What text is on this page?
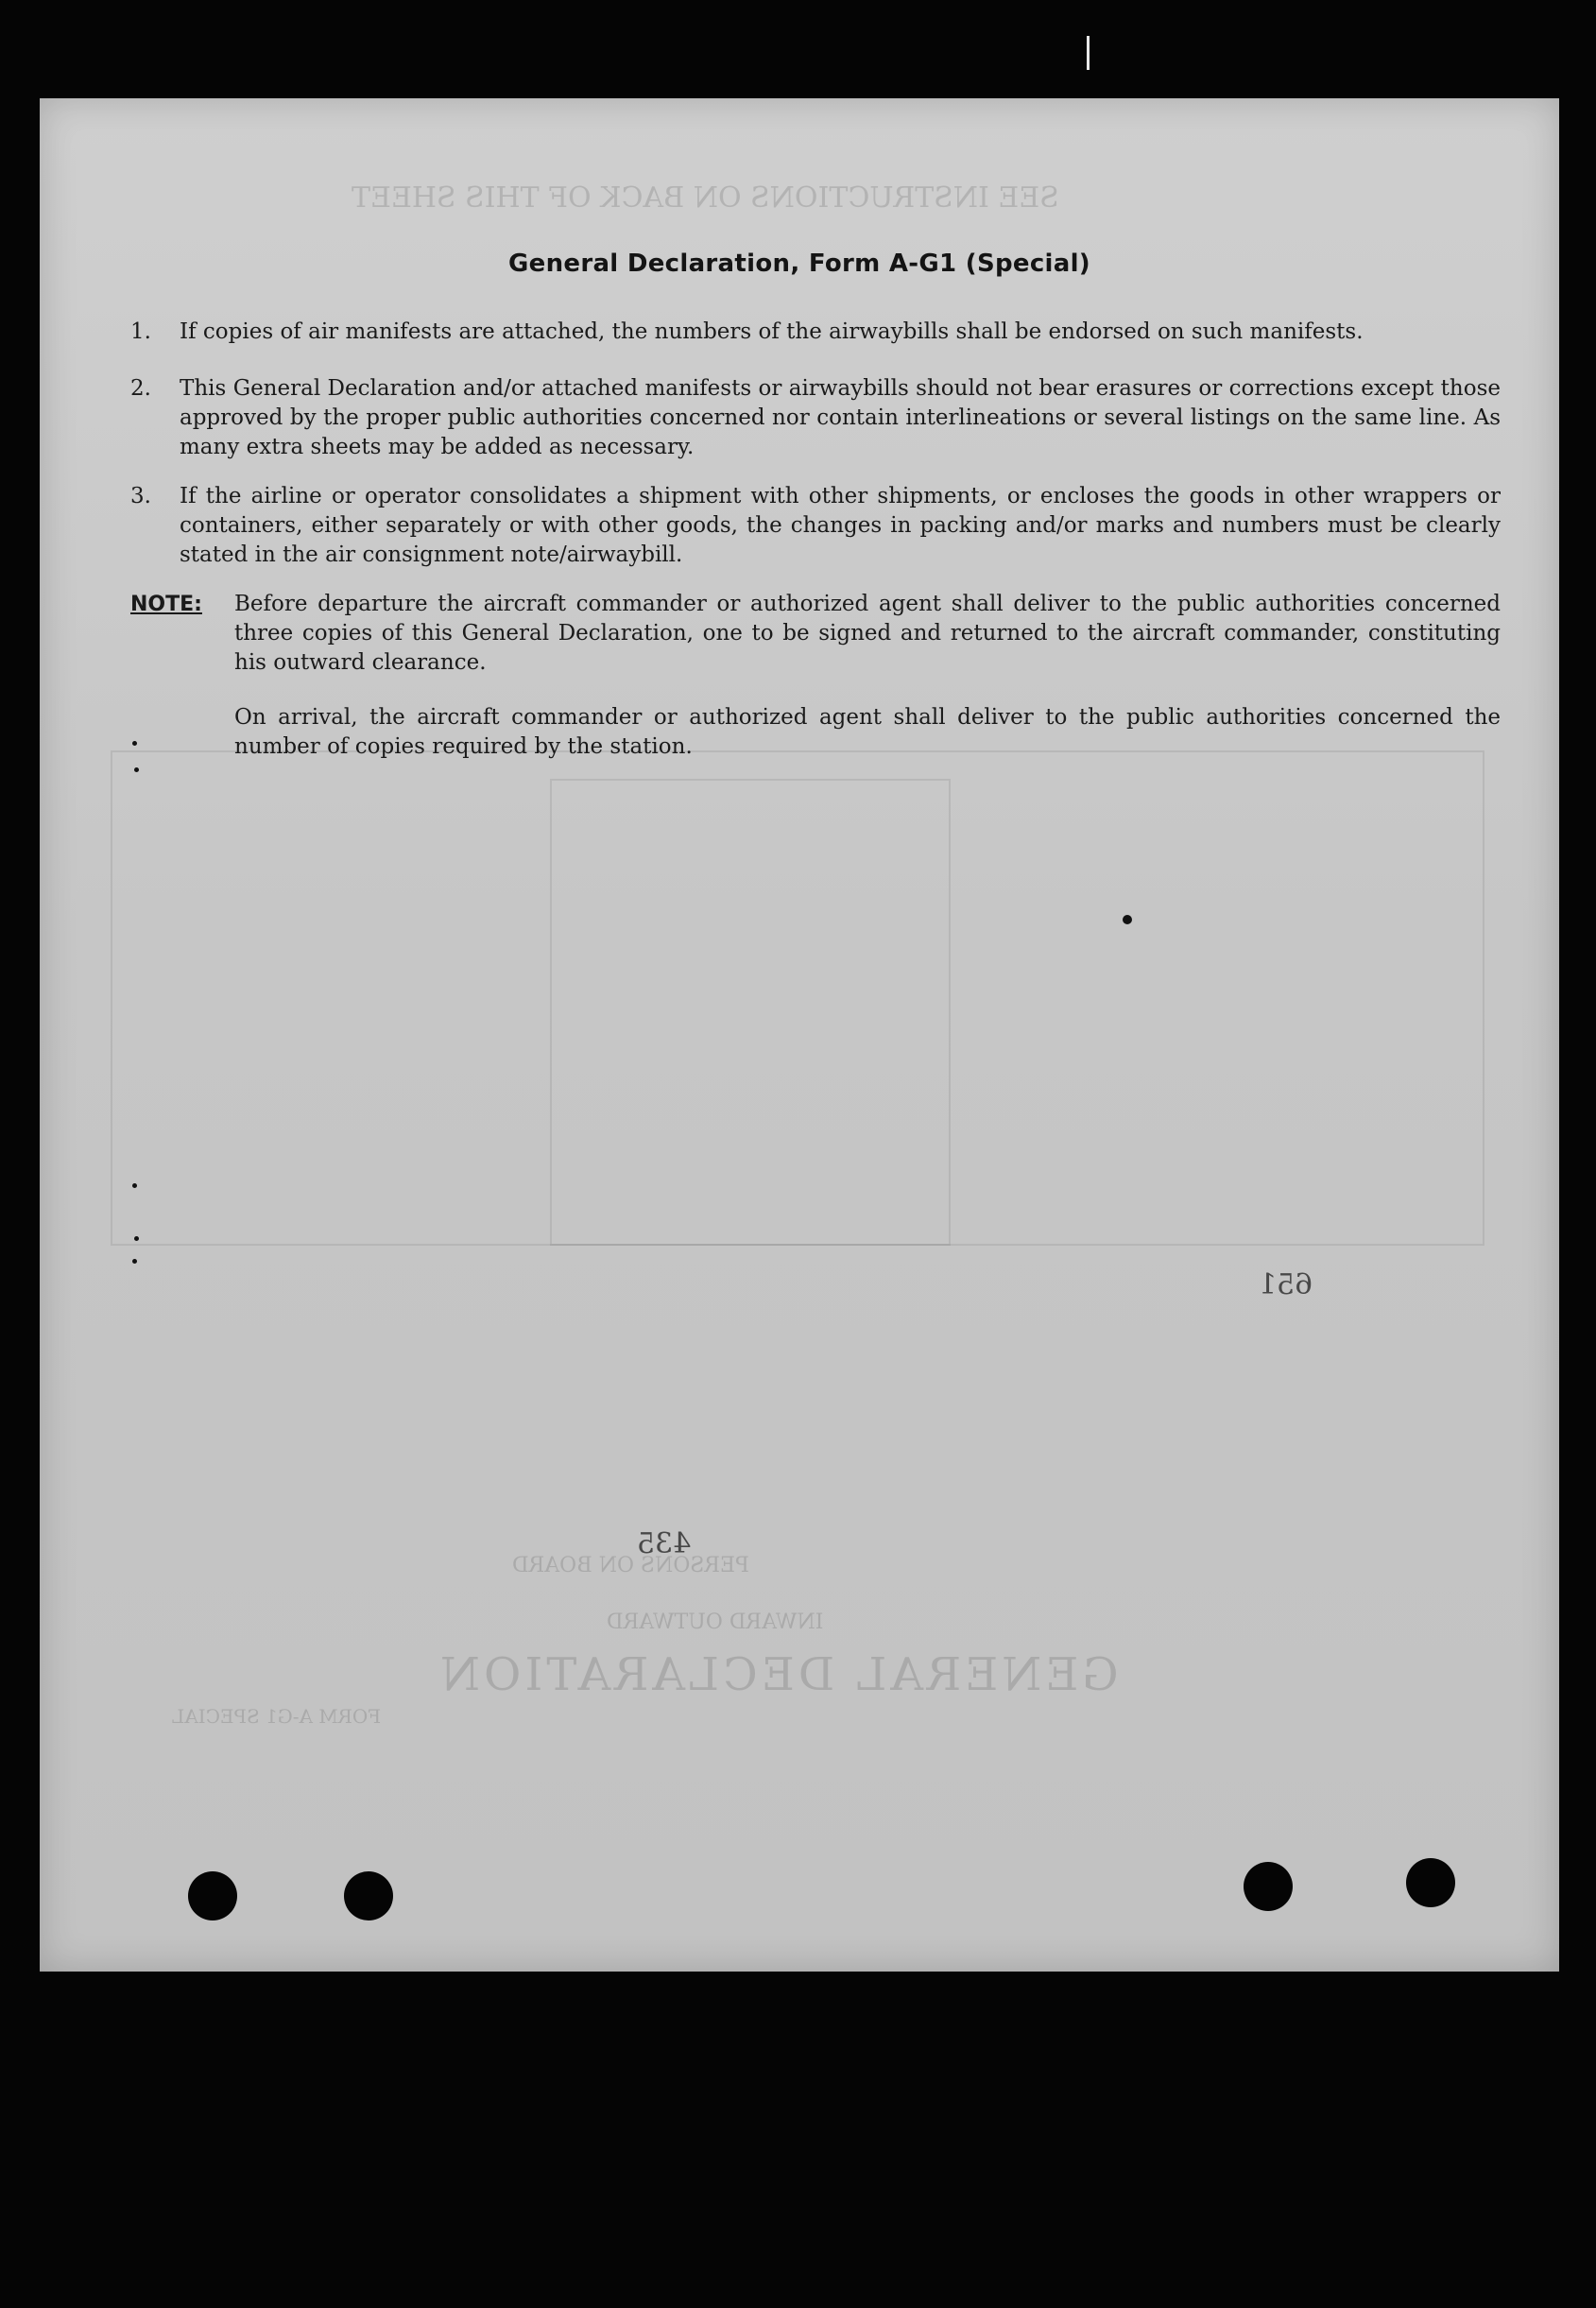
SEE INSTRUCTIONS ON BACK OF THIS SHEET
GENERAL DECLARATION
INWARD OUTWARD
PERSONS ON BOARD
FORM A-G1 SPECIAL
651
435
General Declaration, Form A-G1 (Special)
1.	If copies of air manifests are attached, the numbers of the airwaybills shall be endorsed on such manifests.
2.	This General Declaration and/or attached manifests or airwaybills should not bear erasures or corrections except those approved by the proper public authorities concerned nor contain interlineations or several listings on the same line. As many extra sheets may be added as necessary.
3.	If the airline or operator consolidates a shipment with other shipments, or encloses the goods in other wrappers or containers, either separately or with other goods, the changes in packing and/or marks and numbers must be clearly stated in the air consignment note/airwaybill.
NOTE: Before departure the aircraft commander or authorized agent shall deliver to the public authorities concerned three copies of this General Declaration, one to be signed and returned to the aircraft commander, constituting his outward clearance.
On arrival, the aircraft commander or authorized agent shall deliver to the public authorities concerned the number of copies required by the station.
